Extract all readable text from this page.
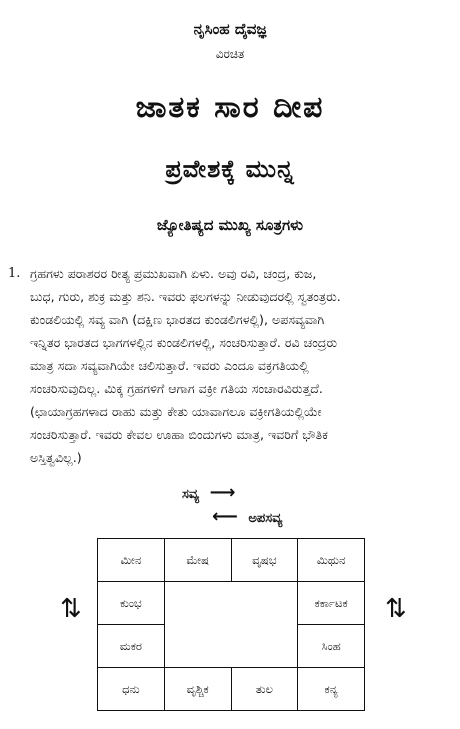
ನೃಸಿಂಹ ದೈವಜ್ಞ
ವಿರಚಿತ
ಜಾತಕ ಸಾರ ದೀಪ
ಪ್ರವೇಶಕ್ಕೆ ಮುನ್ನ
ಜ್ಯೋತಿಷ್ಯದ ಮುಖ್ಯ ಸೂತ್ರಗಳು
1. ಗ್ರಹಗಳು ಪರಾಶರರ ರೀತ್ಯ ಪ್ರಮುಖವಾಗಿ ಏಳು. ಅವು ರವಿ, ಚಂದ್ರ, ಕುಜ,
ಬುಧ, ಗುರು, ಶುಕ್ರ ಮತ್ತು ಶನಿ. ಇವರು ಫಲಗಳನ್ನು ನೀಡುವುದರಲ್ಲಿ ಸ್ವತಂತ್ರರು.
ಕುಂಡಲಿಯಲ್ಲಿ ಸವ್ಯ ವಾಗಿ (ದಕ್ಷಿಣ ಭಾರತದ ಕುಂಡಲಿಗಳಲ್ಲಿ), ಅಪಸವ್ಯವಾಗಿ
ಇನ್ನಿತರ ಭಾರತದ ಭಾಗಗಳಲ್ಲಿನ ಕುಂಡಲಿಗಳಲ್ಲಿ, ಸಂಚರಿಸುತ್ತಾರೆ. ರವಿ ಚಂದ್ರರು
ಮಾತ್ರ ಸದಾ ಸವ್ಯವಾಗಿಯೇ ಚಲಿಸುತ್ತಾರೆ. ಇವರು ಎಂದೂ ವಕ್ರಗತಿಯಲ್ಲಿ
ಸಂಚರಿಸುವುದಿಲ್ಲ. ಮಿಕ್ಕ ಗ್ರಹಗಳಿಗೆ ಆಗಾಗ ವಕ್ರೀ ಗತಿಯ ಸಂಚಾರವಿರುತ್ತದೆ.
(ಛಾಯಾಗ್ರಹಗಳಾದ ರಾಹು ಮತ್ತು ಕೇತು ಯಾವಾಗಲೂ ವಕ್ರೀಗತಿಯಲ್ಲಿಯೇ
ಸಂಚರಿಸುತ್ತಾರೆ. ಇವರು ಕೇವಲ ಊಹಾ ಬಿಂದುಗಳು ಮಾತ್ರ, ಇವರಿಗೆ ಭೌತಿಕ
ಅಸ್ತಿತ್ವವಿಲ್ಲ.)
ಸವ್ಯ ⟶
⟵ ಅಪಸವ್ಯ
⇅	⇅
ಮೀನ	ಮೇಷ	ವೃಷಭ	ಮಿಥುನ
ಕುಂಭ			ಕರ್ಕಾಟಕ
ಮಕರ			ಸಿಂಹ
ಧನು	ವೃಶ್ಚಿಕ	ತುಲ	ಕನ್ಯ
